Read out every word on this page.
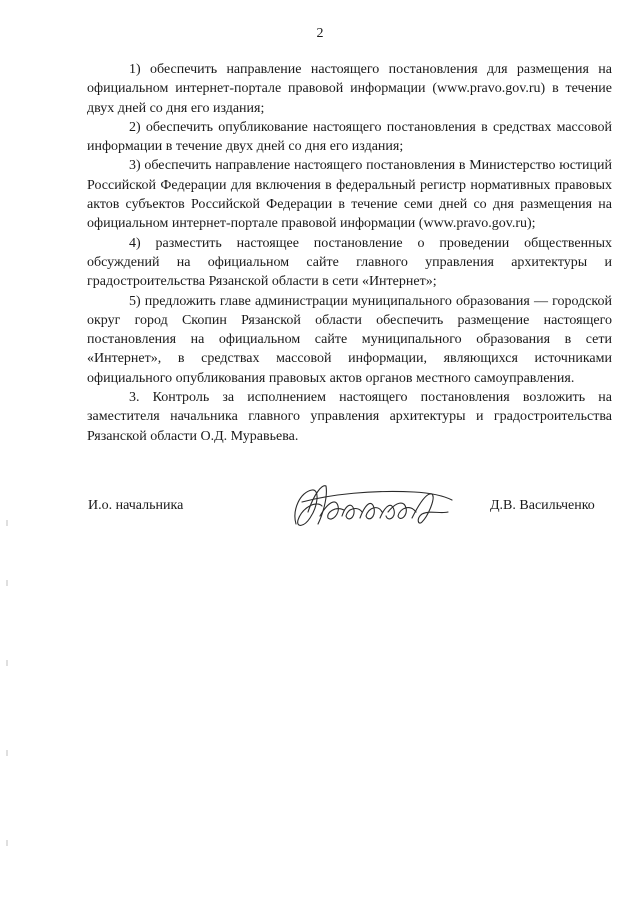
2

1) обеспечить направление настоящего постановления для размещения на официальном интернет-портале правовой информации (www.pravo.gov.ru) в течение двух дней со дня его издания;

2) обеспечить опубликование настоящего постановления в средствах массовой информации в течение двух дней со дня его издания;

3) обеспечить направление настоящего постановления в Министерство юстиций Российской Федерации для включения в федеральный регистр нормативных правовых актов субъектов Российской Федерации в течение семи дней со дня размещения на официальном интернет-портале правовой информации (www.pravo.gov.ru);

4) разместить настоящее постановление о проведении общественных обсуждений на официальном сайте главного управления архитектуры и градостроительства Рязанской области в сети «Интернет»;

5) предложить главе администрации муниципального образования — городской округ город Скопин Рязанской области обеспечить размещение настоящего постановления на официальном сайте муниципального образования в сети «Интернет», в средствах массовой информации, являющихся источниками официального опубликования правовых актов органов местного самоуправления.

3. Контроль за исполнением настоящего постановления возложить на заместителя начальника главного управления архитектуры и градостроительства Рязанской области О.Д. Муравьева.

И.о. начальника	Д.В. Васильченко
